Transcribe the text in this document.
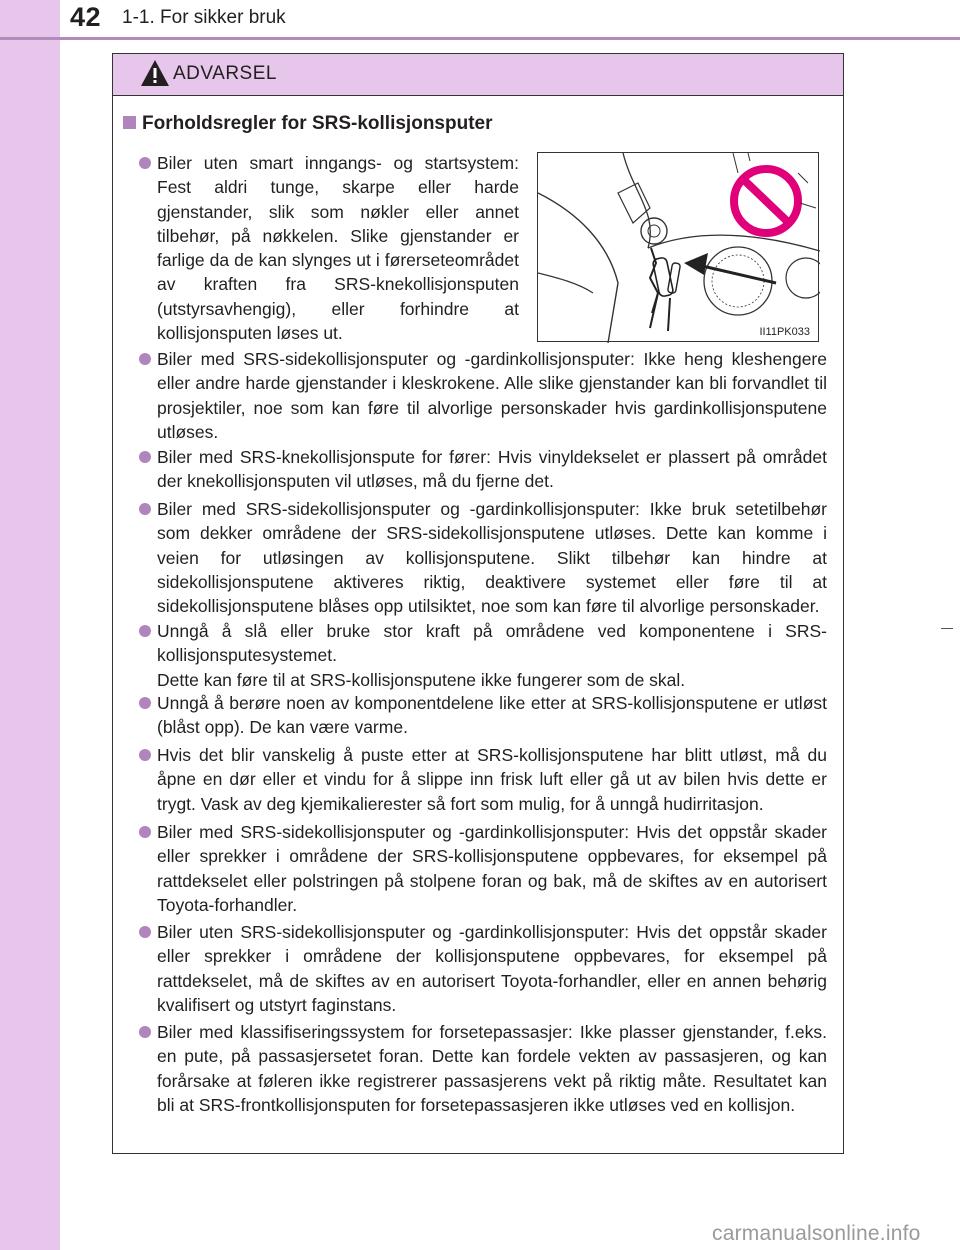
42 1-1. For sikker bruk
ADVARSEL
Forholdsregler for SRS-kollisjonsputer
Biler uten smart inngangs- og startsystem: Fest aldri tunge, skarpe eller harde gjenstander, slik som nøkler eller annet tilbehør, på nøkkelen. Slike gjenstander er farlige da de kan slynges ut i førerseteområdet av kraften fra SRS-knekollisjonsputen (utstyrsavhengig), eller forhindre at kollisjonsputen løses ut.	II11PK033
Biler med SRS-sidekollisjonsputer og -gardinkollisjonsputer: Ikke heng kleshengere eller andre harde gjenstander i kleskrokene. Alle slike gjenstander kan bli forvandlet til prosjektiler, noe som kan føre til alvorlige personskader hvis gardinkollisjonsputene utløses.
Biler med SRS-knekollisjonspute for fører: Hvis vinyldekselet er plassert på området der knekollisjonsputen vil utløses, må du fjerne det.
Biler med SRS-sidekollisjonsputer og -gardinkollisjonsputer: Ikke bruk setetilbehør som dekker områdene der SRS-sidekollisjonsputene utløses. Dette kan komme i veien for utløsingen av kollisjonsputene. Slikt tilbehør kan hindre at sidekollisjonsputene aktiveres riktig, deaktivere systemet eller føre til at sidekollisjonsputene blåses opp utilsiktet, noe som kan føre til alvorlige personskader.
Unngå å slå eller bruke stor kraft på områdene ved komponentene i SRS-kollisjonsputesystemet.
Dette kan føre til at SRS-kollisjonsputene ikke fungerer som de skal.
Unngå å berøre noen av komponentdelene like etter at SRS-kollisjonsputene er utløst (blåst opp). De kan være varme.
Hvis det blir vanskelig å puste etter at SRS-kollisjonsputene har blitt utløst, må du åpne en dør eller et vindu for å slippe inn frisk luft eller gå ut av bilen hvis dette er trygt. Vask av deg kjemikalierester så fort som mulig, for å unngå hudirritasjon.
Biler med SRS-sidekollisjonsputer og -gardinkollisjonsputer: Hvis det oppstår skader eller sprekker i områdene der SRS-kollisjonsputene oppbevares, for eksempel på rattdekselet eller polstringen på stolpene foran og bak, må de skiftes av en autorisert Toyota-forhandler.
Biler uten SRS-sidekollisjonsputer og -gardinkollisjonsputer: Hvis det oppstår skader eller sprekker i områdene der kollisjonsputene oppbevares, for eksempel på rattdekselet, må de skiftes av en autorisert Toyota-forhandler, eller en annen behørig kvalifisert og utstyrt faginstans.
Biler med klassifiseringssystem for forsetepassasjer: Ikke plasser gjenstander, f.eks. en pute, på passasjersetet foran. Dette kan fordele vekten av passasjeren, og kan forårsake at føleren ikke registrerer passasjerens vekt på riktig måte. Resultatet kan bli at SRS-frontkollisjonsputen for forsetepassasjeren ikke utløses ved en kollisjon.
carmanualsonline.info
